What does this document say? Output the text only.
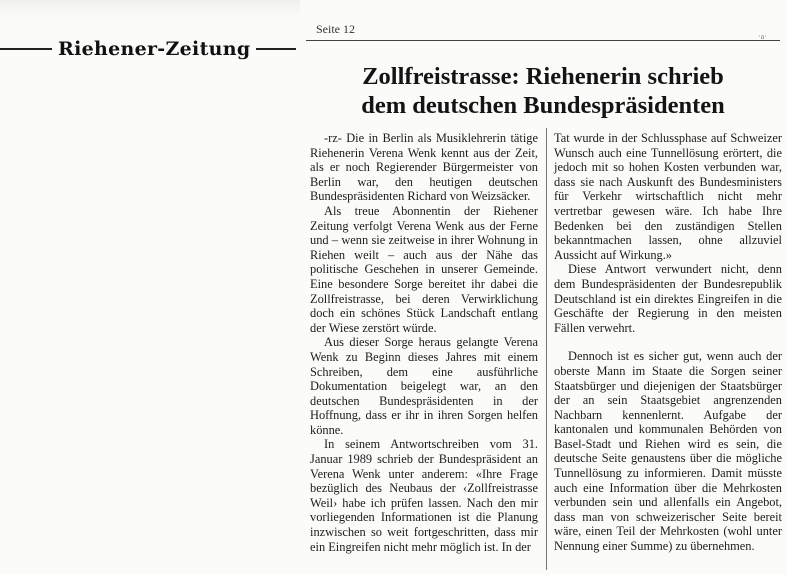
Riehener-Zeitung
Seite 12
·a·
Zollfreistrasse: Riehenerin schrieb
dem deutschen Bundespräsidenten

-rz- Die in Berlin als Musiklehrerin tätige Riehenerin Verena Wenk kennt aus der Zeit, als er noch Regierender Bürgermeister von Berlin war, den heutigen deutschen Bundespräsidenten Richard von Weizsäcker.

Als treue Abonnentin der Riehener Zeitung verfolgt Verena Wenk aus der Ferne und – wenn sie zeitweise in ihrer Wohnung in Riehen weilt – auch aus der Nähe das politische Geschehen in unserer Gemeinde. Eine besondere Sorge bereitet ihr dabei die Zollfreistrasse, bei deren Verwirklichung doch ein schönes Stück Landschaft entlang der Wiese zerstört würde.

Aus dieser Sorge heraus gelangte Verena Wenk zu Beginn dieses Jahres mit einem Schreiben, dem eine ausführliche Dokumentation beigelegt war, an den deutschen Bundespräsidenten in der Hoffnung, dass er ihr in ihren Sorgen helfen könne.

In seinem Antwortschreiben vom 31. Januar 1989 schrieb der Bundespräsident an Verena Wenk unter anderem: «Ihre Frage bezüglich des Neubaus der ‹Zollfreistrasse Weil› habe ich prüfen lassen. Nach den mir vorliegenden Informationen ist die Planung inzwischen so weit fortgeschritten, dass mir ein Eingreifen nicht mehr möglich ist. In der

Tat wurde in der Schlussphase auf Schweizer Wunsch auch eine Tunnellösung erörtert, die jedoch mit so hohen Kosten verbunden war, dass sie nach Auskunft des Bundesministers für Verkehr wirtschaftlich nicht mehr vertretbar gewesen wäre. Ich habe Ihre Bedenken bei den zuständigen Stellen bekanntmachen lassen, ohne allzuviel Aussicht auf Wirkung.»

Diese Antwort verwundert nicht, denn dem Bundespräsidenten der Bundesrepublik Deutschland ist ein direktes Eingreifen in die Geschäfte der Regierung in den meisten Fällen verwehrt.

Dennoch ist es sicher gut, wenn auch der oberste Mann im Staate die Sorgen seiner Staatsbürger und diejenigen der Staatsbürger der an sein Staatsgebiet angrenzenden Nachbarn kennenlernt. Aufgabe der kantonalen und kommunalen Behörden von Basel-Stadt und Riehen wird es sein, die deutsche Seite genaustens über die mögliche Tunnellösung zu informieren. Damit müsste auch eine Information über die Mehrkosten verbunden sein und allenfalls ein Angebot, dass man von schweizerischer Seite bereit wäre, einen Teil der Mehrkosten (wohl unter Nennung einer Summe) zu übernehmen.
